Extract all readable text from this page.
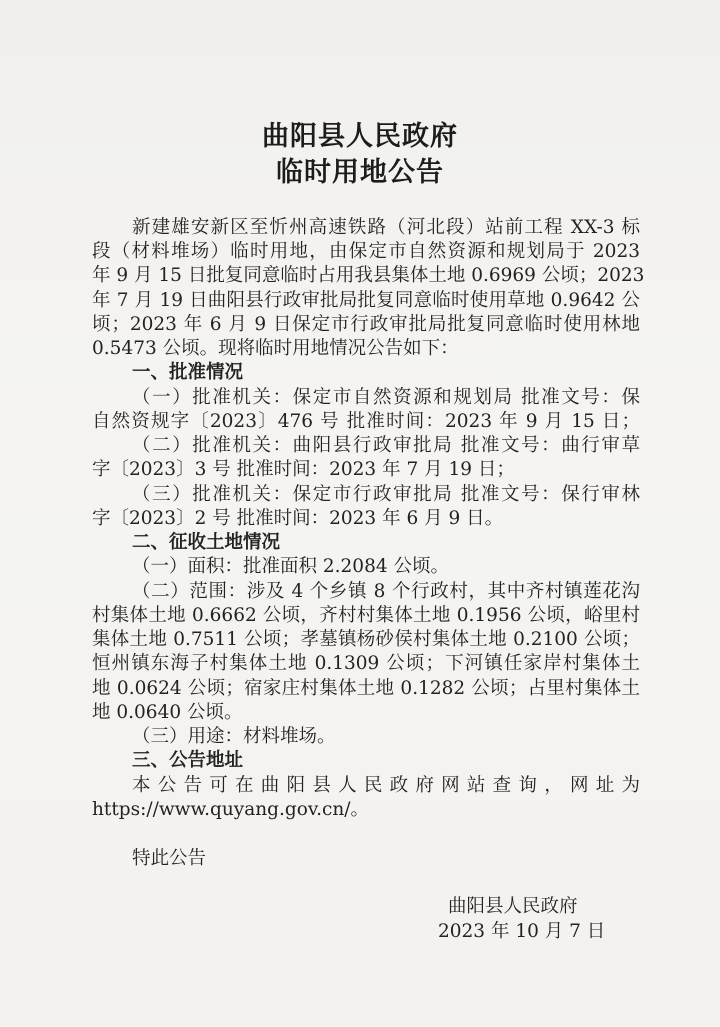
曲阳县人民政府
临时用地公告
新建雄安新区至忻州高速铁路（河北段）站前工程 XX-3 标
段（材料堆场）临时用地，由保定市自然资源和规划局于 2023
年 9 月 15 日批复同意临时占用我县集体土地 0.6969 公顷；2023
年 7 月 19 日曲阳县行政审批局批复同意临时使用草地 0.9642 公
顷；2023 年 6 月 9 日保定市行政审批局批复同意临时使用林地
0.5473 公顷。现将临时用地情况公告如下：
一、批准情况
（一）批准机关：保定市自然资源和规划局 批准文号：保
自然资规字〔2023〕476 号 批准时间：2023 年 9 月 15 日；
（二）批准机关：曲阳县行政审批局 批准文号：曲行审草
字〔2023〕3 号 批准时间：2023 年 7 月 19 日；
（三）批准机关：保定市行政审批局 批准文号：保行审林
字〔2023〕2 号 批准时间：2023 年 6 月 9 日。
二、征收土地情况
（一）面积：批准面积 2.2084 公顷。
（二）范围：涉及 4 个乡镇 8 个行政村，其中齐村镇莲花沟
村集体土地 0.6662 公顷，齐村村集体土地 0.1956 公顷，峪里村
集体土地 0.7511 公顷；孝墓镇杨砂侯村集体土地 0.2100 公顷；
恒州镇东海子村集体土地 0.1309 公顷；下河镇任家岸村集体土
地 0.0624 公顷；宿家庄村集体土地 0.1282 公顷；占里村集体土
地 0.0640 公顷。
（三）用途：材料堆场。
三、公告地址
本公告可在曲阳县人民政府网站查询，网址为
https://www.quyang.gov.cn/。
特此公告
曲阳县人民政府
2023 年 10 月 7 日
